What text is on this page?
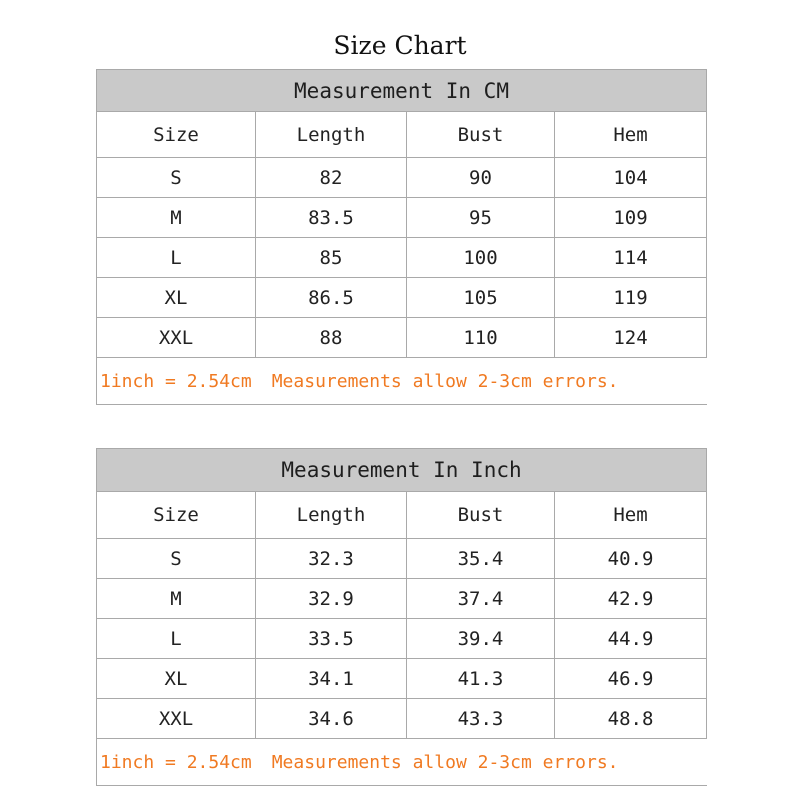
Size Chart
Measurement In CM			
Size	Length	Bust	Hem
S	82	90	104
M	83.5	95	109
L	85	100	114
XL	86.5	105	119
XXL	88	110	124
1inch = 2.54cm Measurements allow 2-3cm errors.			
Measurement In Inch			
Size	Length	Bust	Hem
S	32.3	35.4	40.9
M	32.9	37.4	42.9
L	33.5	39.4	44.9
XL	34.1	41.3	46.9
XXL	34.6	43.3	48.8
1inch = 2.54cm Measurements allow 2-3cm errors.			
